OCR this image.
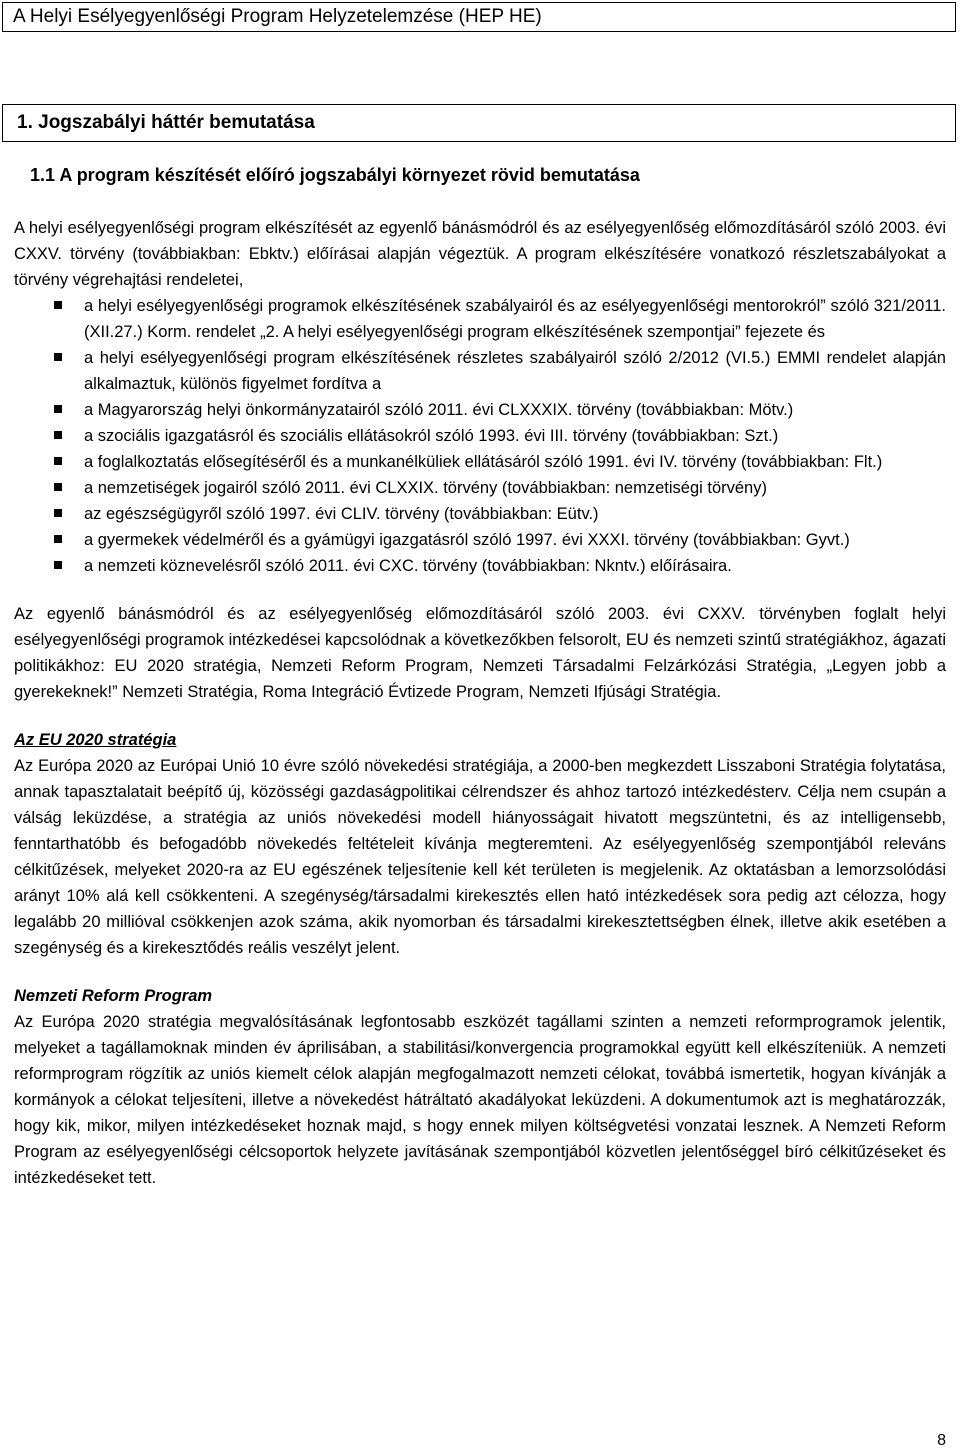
A Helyi Esélyegyenlőségi Program Helyzetelemzése (HEP HE)
1. Jogszabályi háttér bemutatása
1.1 A program készítését előíró jogszabályi környezet rövid bemutatása

A helyi esélyegyenlőségi program elkészítését az egyenlő bánásmódról és az esélyegyenlőség előmozdításáról szóló 2003. évi CXXV. törvény (továbbiakban: Ebktv.) előírásai alapján végeztük. A program elkészítésére vonatkozó részletszabályokat a törvény végrehajtási rendeletei,

a helyi esélyegyenlőségi programok elkészítésének szabályairól és az esélyegyenlőségi mentorokról” szóló 321/2011. (XII.27.) Korm. rendelet „2. A helyi esélyegyenlőségi program elkészítésének szempontjai” fejezete és
a helyi esélyegyenlőségi program elkészítésének részletes szabályairól szóló 2/2012 (VI.5.) EMMI rendelet alapján alkalmaztuk, különös figyelmet fordítva a
a Magyarország helyi önkormányzatairól szóló 2011. évi CLXXXIX. törvény (továbbiakban: Mötv.)
a szociális igazgatásról és szociális ellátásokról szóló 1993. évi III. törvény (továbbiakban: Szt.)
a foglalkoztatás elősegítéséről és a munkanélküliek ellátásáról szóló 1991. évi IV. törvény (továbbiakban: Flt.)
a nemzetiségek jogairól szóló 2011. évi CLXXIX. törvény (továbbiakban: nemzetiségi törvény)
az egészségügyről szóló 1997. évi CLIV. törvény (továbbiakban: Eütv.)
a gyermekek védelméről és a gyámügyi igazgatásról szóló 1997. évi XXXI. törvény (továbbiakban: Gyvt.)
a nemzeti köznevelésről szóló 2011. évi CXC. törvény (továbbiakban: Nkntv.) előírásaira.

Az egyenlő bánásmódról és az esélyegyenlőség előmozdításáról szóló 2003. évi CXXV. törvényben foglalt helyi esélyegyenlőségi programok intézkedései kapcsolódnak a következőkben felsorolt, EU és nemzeti szintű stratégiákhoz, ágazati politikákhoz: EU 2020 stratégia, Nemzeti Reform Program, Nemzeti Társadalmi Felzárkózási Stratégia, „Legyen jobb a gyerekeknek!” Nemzeti Stratégia, Roma Integráció Évtizede Program, Nemzeti Ifjúsági Stratégia.

Az EU 2020 stratégia

Az Európa 2020 az Európai Unió 10 évre szóló növekedési stratégiája, a 2000-ben megkezdett Lisszaboni Stratégia folytatása, annak tapasztalatait beépítő új, közösségi gazdaságpolitikai célrendszer és ahhoz tartozó intézkedésterv. Célja nem csupán a válság leküzdése, a stratégia az uniós növekedési modell hiányosságait hivatott megszüntetni, és az intelligensebb, fenntarthatóbb és befogadóbb növekedés feltételeit kívánja megteremteni. Az esélyegyenlőség szempontjából releváns célkitűzések, melyeket 2020-ra az EU egészének teljesítenie kell két területen is megjelenik. Az oktatásban a lemorzsolódási arányt 10% alá kell csökkenteni. A szegénység/társadalmi kirekesztés ellen ható intézkedések sora pedig azt célozza, hogy legalább 20 millióval csökkenjen azok száma, akik nyomorban és társadalmi kirekesztettségben élnek, illetve akik esetében a szegénység és a kirekesztődés reális veszélyt jelent.

Nemzeti Reform Program

Az Európa 2020 stratégia megvalósításának legfontosabb eszközét tagállami szinten a nemzeti reformprogramok jelentik, melyeket a tagállamoknak minden év áprilisában, a stabilitási/konvergencia programokkal együtt kell elkészíteniük. A nemzeti reformprogram rögzítik az uniós kiemelt célok alapján megfogalmazott nemzeti célokat, továbbá ismertetik, hogyan kívánják a kormányok a célokat teljesíteni, illetve a növekedést hátráltató akadályokat leküzdeni. A dokumentumok azt is meghatározzák, hogy kik, mikor, milyen intézkedéseket hoznak majd, s hogy ennek milyen költségvetési vonzatai lesznek. A Nemzeti Reform Program az esélyegyenlőségi célcsoportok helyzete javításának szempontjából közvetlen jelentőséggel bíró célkitűzéseket és intézkedéseket tett.

8
